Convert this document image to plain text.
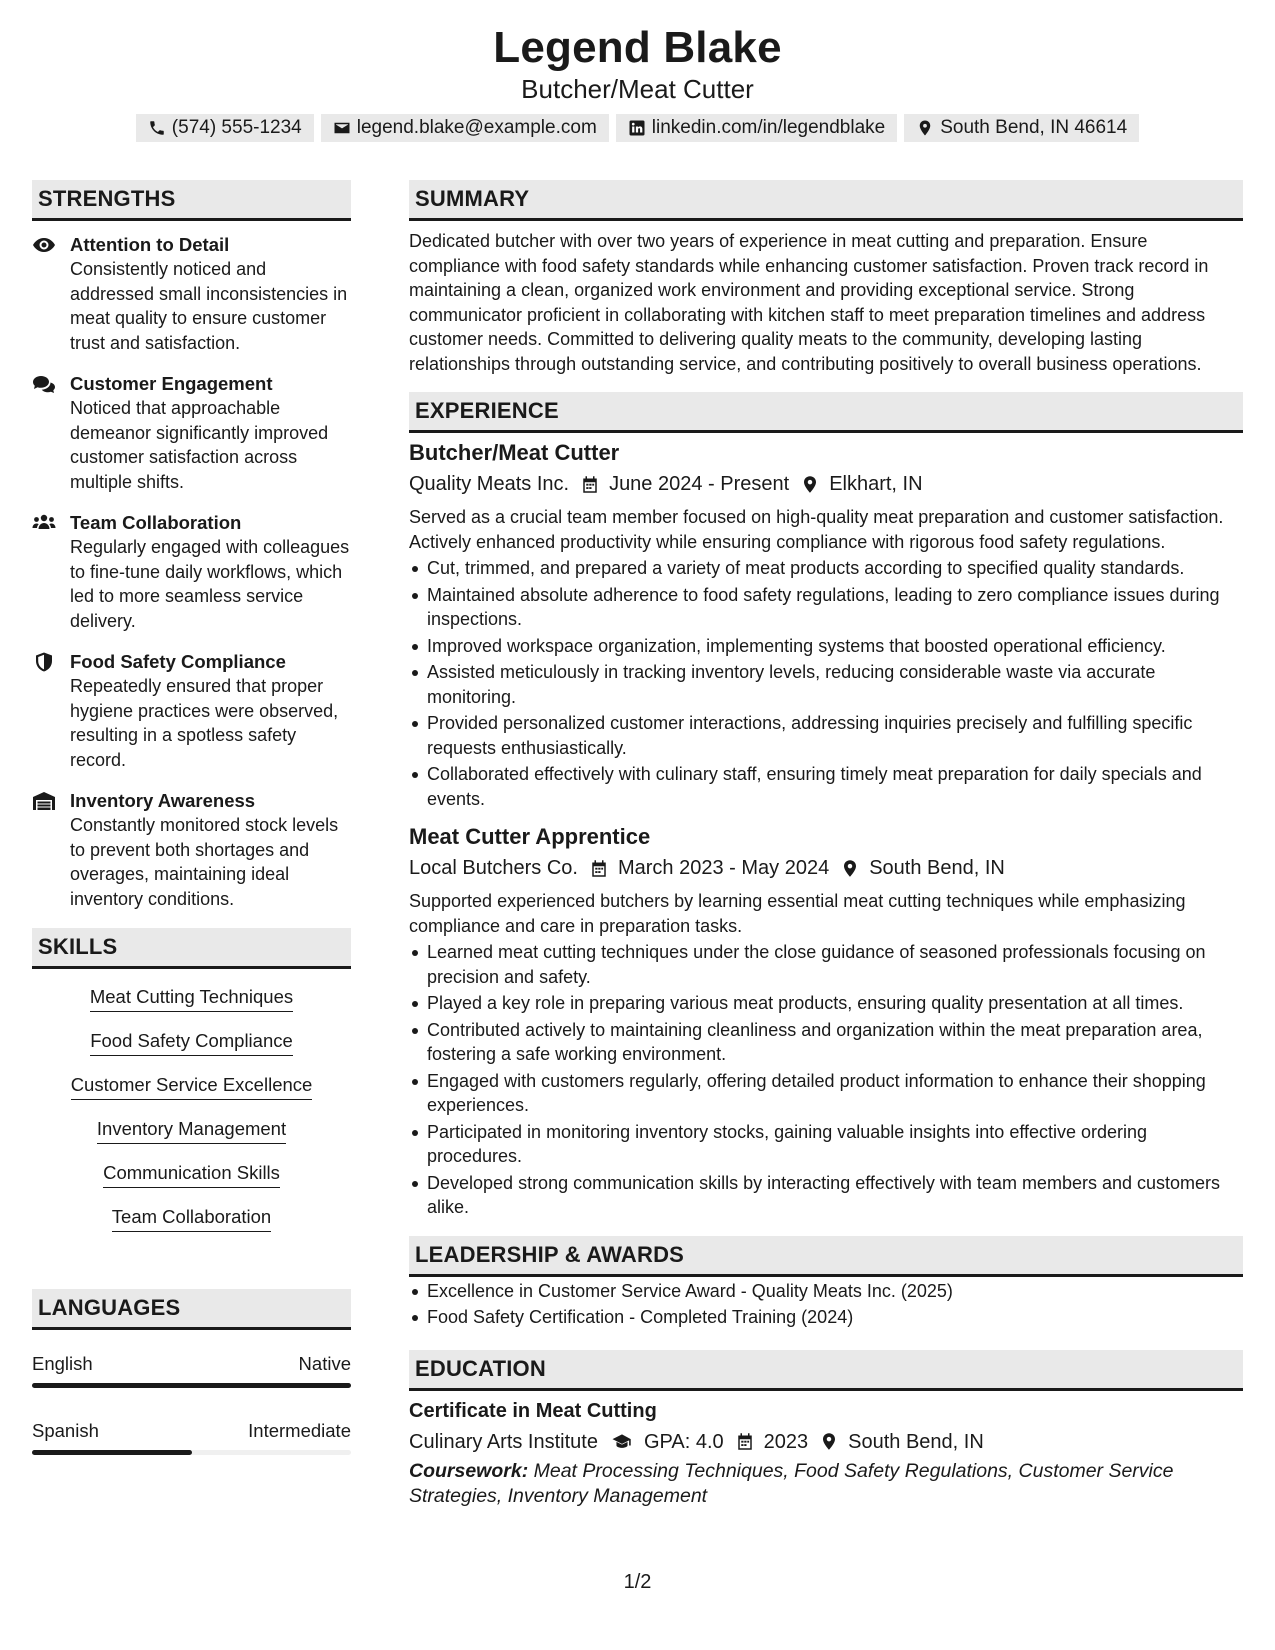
Legend Blake
Butcher/Meat Cutter
(574) 555-1234	legend.blake@example.com	linkedin.com/in/legendblake	South Bend, IN 46614
STRENGTHS
Attention to Detail
Consistently noticed and addressed small inconsistencies in meat quality to ensure customer trust and satisfaction.
Customer Engagement
Noticed that approachable demeanor significantly improved customer satisfaction across multiple shifts.
Team Collaboration
Regularly engaged with colleagues to fine-tune daily workflows, which led to more seamless service delivery.
Food Safety Compliance
Repeatedly ensured that proper hygiene practices were observed, resulting in a spotless safety record.
Inventory Awareness
Constantly monitored stock levels to prevent both shortages and overages, maintaining ideal inventory conditions.
SKILLS
Meat Cutting Techniques
Food Safety Compliance
Customer Service Excellence
Inventory Management
Communication Skills
Team Collaboration
LANGUAGES
English	Native
Spanish	Intermediate
SUMMARY
Dedicated butcher with over two years of experience in meat cutting and preparation. Ensure compliance with food safety standards while enhancing customer satisfaction. Proven track record in maintaining a clean, organized work environment and providing exceptional service. Strong communicator proficient in collaborating with kitchen staff to meet preparation timelines and address customer needs. Committed to delivering quality meats to the community, developing lasting relationships through outstanding service, and contributing positively to overall business operations.
EXPERIENCE
Butcher/Meat Cutter
Quality Meats Inc. June 2024 - Present Elkhart, IN
Served as a crucial team member focused on high-quality meat preparation and customer satisfaction. Actively enhanced productivity while ensuring compliance with rigorous food safety regulations.
Cut, trimmed, and prepared a variety of meat products according to specified quality standards.
Maintained absolute adherence to food safety regulations, leading to zero compliance issues during inspections.
Improved workspace organization, implementing systems that boosted operational efficiency.
Assisted meticulously in tracking inventory levels, reducing considerable waste via accurate monitoring.
Provided personalized customer interactions, addressing inquiries precisely and fulfilling specific requests enthusiastically.
Collaborated effectively with culinary staff, ensuring timely meat preparation for daily specials and events.
Meat Cutter Apprentice
Local Butchers Co. March 2023 - May 2024 South Bend, IN
Supported experienced butchers by learning essential meat cutting techniques while emphasizing compliance and care in preparation tasks.
Learned meat cutting techniques under the close guidance of seasoned professionals focusing on precision and safety.
Played a key role in preparing various meat products, ensuring quality presentation at all times.
Contributed actively to maintaining cleanliness and organization within the meat preparation area, fostering a safe working environment.
Engaged with customers regularly, offering detailed product information to enhance their shopping experiences.
Participated in monitoring inventory stocks, gaining valuable insights into effective ordering procedures.
Developed strong communication skills by interacting effectively with team members and customers alike.
LEADERSHIP & AWARDS
Excellence in Customer Service Award - Quality Meats Inc. (2025)
Food Safety Certification - Completed Training (2024)
EDUCATION
Certificate in Meat Cutting
Culinary Arts Institute GPA: 4.0 2023 South Bend, IN
Coursework: Meat Processing Techniques, Food Safety Regulations, Customer Service Strategies, Inventory Management
1/2
